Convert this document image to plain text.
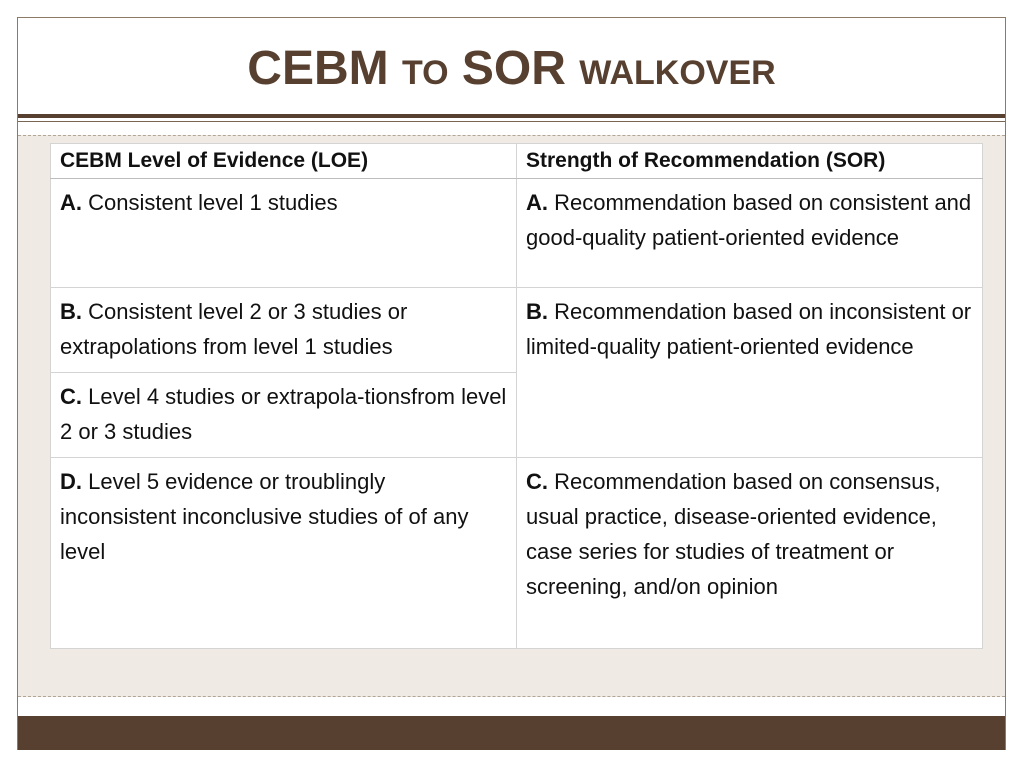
CEBM TO SOR WALKOVER
CEBM Level of Evidence (LOE)	Strength of Recommendation (SOR)
A. Consistent level 1 studies	A. Recommendation based on consistent and good-quality patient-oriented evidence
B. Consistent level 2 or 3 studies or extrapolations from level 1 studies	B. Recommendation based on inconsistent or limited-quality patient-oriented evidence
C. Level 4 studies or extrapola-tionsfrom level 2 or 3 studies	
D. Level 5 evidence or troublingly inconsistent inconclusive studies of of any level	C. Recommendation based on consensus, usual practice, disease-oriented evidence, case series for studies of treatment or screening, and/on opinion
